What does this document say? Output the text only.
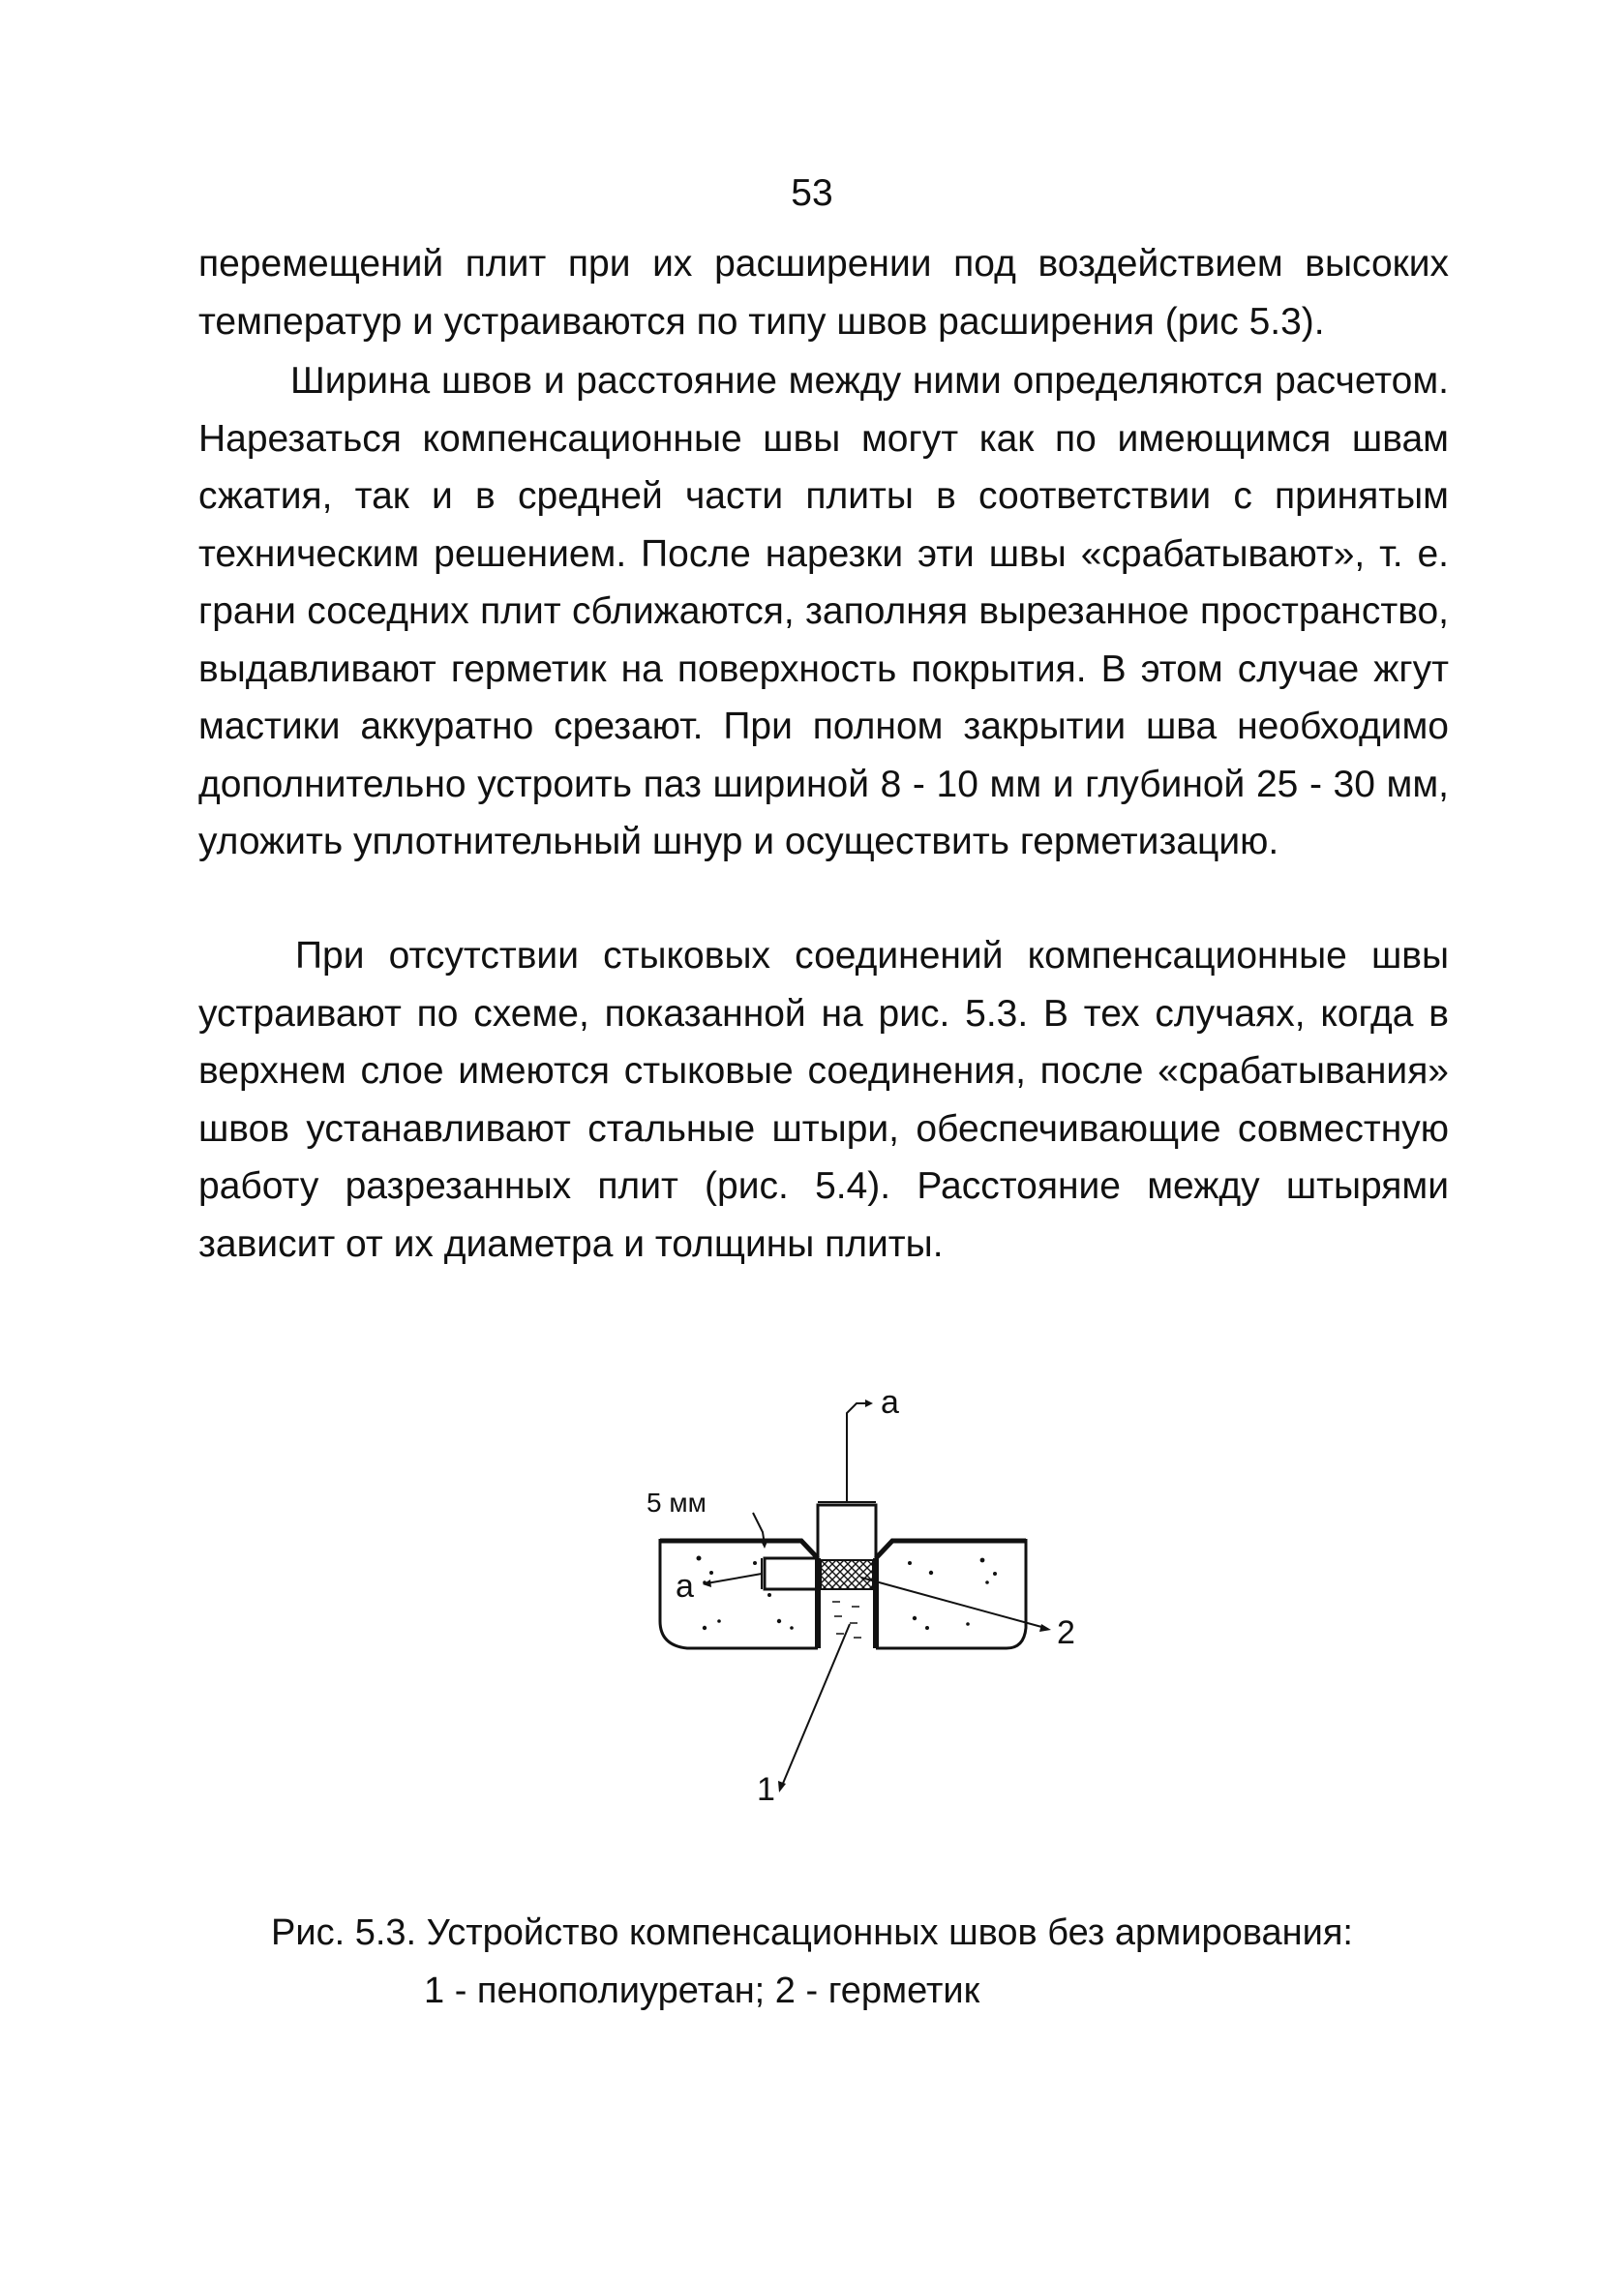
53

перемещений плит при их расширении под воздействием высоких температур и устраиваются по типу швов расширения (рис 5.3).

Ширина швов и расстояние между ними определяются расчетом. Нарезаться компенсационные швы могут как по имеющимся швам сжатия, так и в средней части плиты в соответствии с принятым техническим решением. После нарезки эти швы «срабатывают», т. е. грани соседних плит сближаются, заполняя вырезанное пространство, выдавливают герметик на поверхность покрытия. В этом случае жгут мастики аккуратно срезают. При полном закрытии шва необходимо дополнительно устроить паз шириной 8 - 10 мм и глубиной 25 - 30 мм, уложить уплотнительный шнур и осуществить герметизацию.

При отсутствии стыковых соединений компенсационные швы устраивают по схеме, показанной на рис. 5.3. В тех случаях, когда в верхнем слое имеются стыковые соединения, после «срабатывания» швов устанавливают стальные штыри, обеспечивающие совместную работу разрезанных плит (рис. 5.4). Расстояние между штырями зависит от их диаметра и толщины плиты.

а
а
5 мм
2
1
Рис. 5.3. Устройство компенсационных швов без армирования:
1 - пенополиуретан; 2 - герметик
